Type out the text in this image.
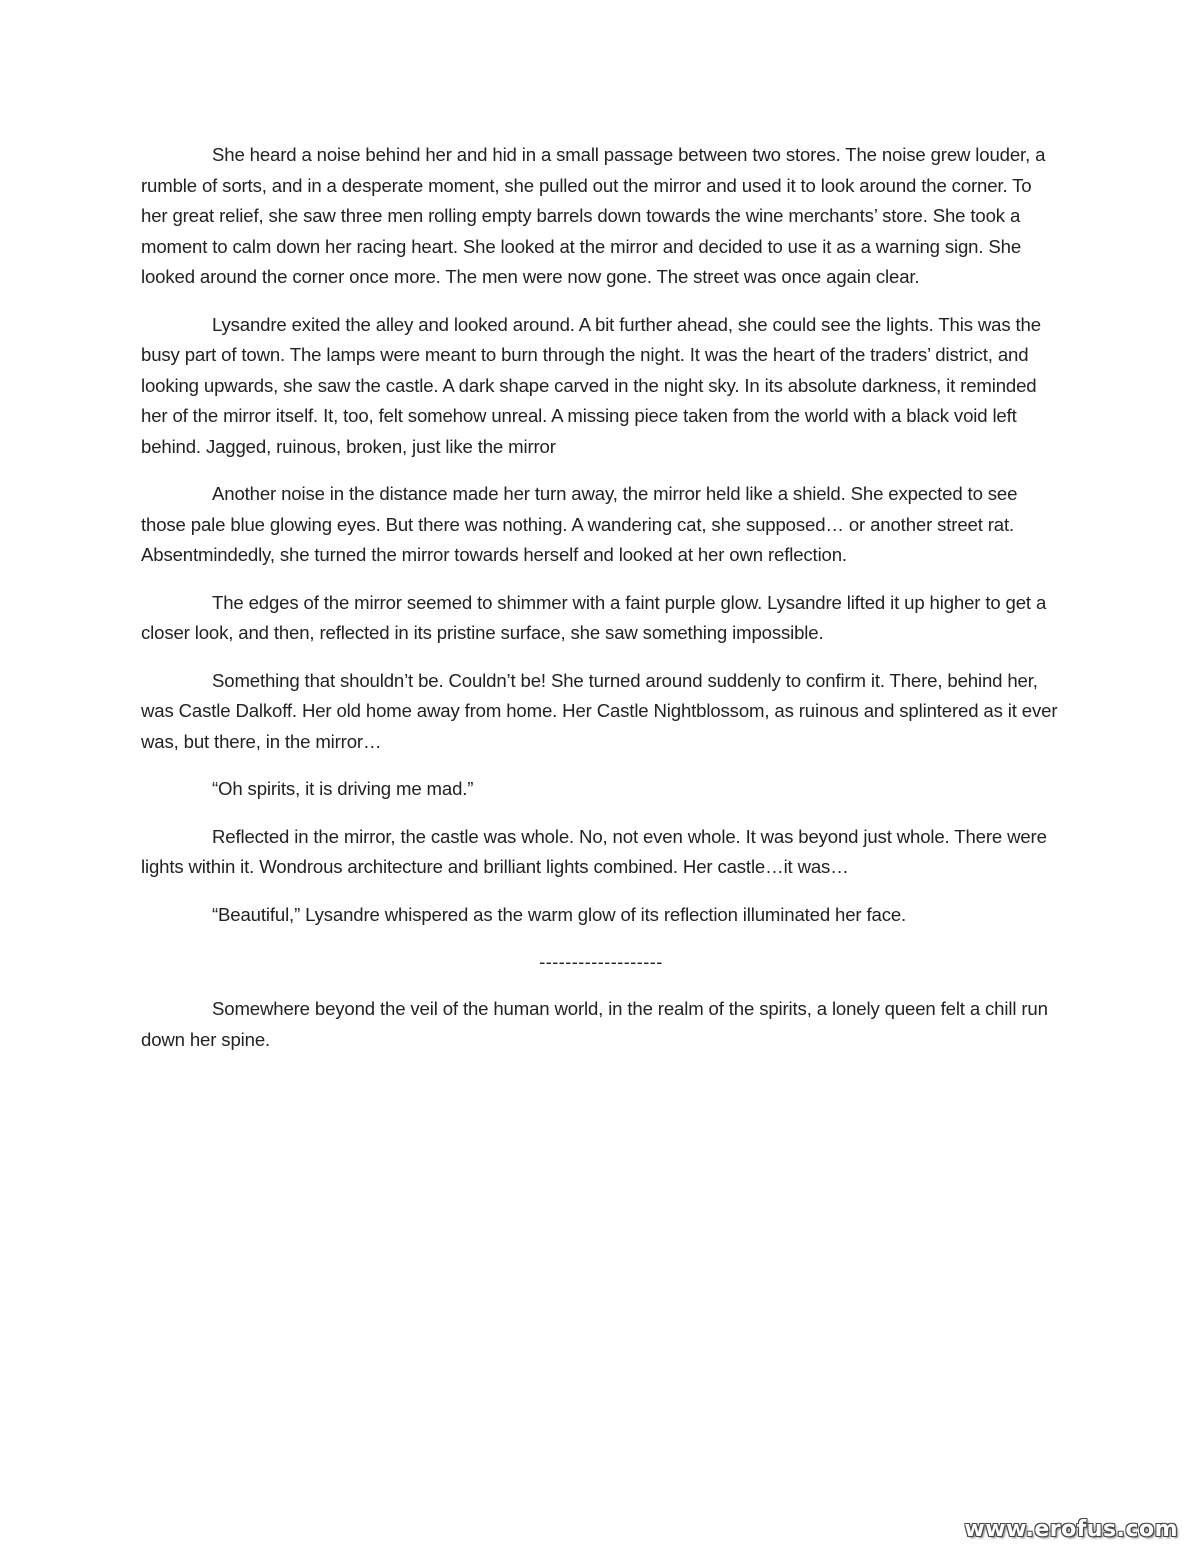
She heard a noise behind her and hid in a small passage between two stores. The noise grew louder, a rumble of sorts, and in a desperate moment, she pulled out the mirror and used it to look around the corner. To her great relief, she saw three men rolling empty barrels down towards the wine merchants’ store. She took a moment to calm down her racing heart. She looked at the mirror and decided to use it as a warning sign. She looked around the corner once more. The men were now gone. The street was once again clear.

Lysandre exited the alley and looked around. A bit further ahead, she could see the lights. This was the busy part of town. The lamps were meant to burn through the night. It was the heart of the traders’ district, and looking upwards, she saw the castle. A dark shape carved in the night sky. In its absolute darkness, it reminded her of the mirror itself. It, too, felt somehow unreal. A missing piece taken from the world with a black void left behind. Jagged, ruinous, broken, just like the mirror

Another noise in the distance made her turn away, the mirror held like a shield. She expected to see those pale blue glowing eyes. But there was nothing. A wandering cat, she supposed… or another street rat. Absentmindedly, she turned the mirror towards herself and looked at her own reflection.

The edges of the mirror seemed to shimmer with a faint purple glow. Lysandre lifted it up higher to get a closer look, and then, reflected in its pristine surface, she saw something impossible.

Something that shouldn’t be. Couldn’t be! She turned around suddenly to confirm it. There, behind her, was Castle Dalkoff. Her old home away from home. Her Castle Nightblossom, as ruinous and splintered as it ever was, but there, in the mirror…

“Oh spirits, it is driving me mad.”

Reflected in the mirror, the castle was whole. No, not even whole. It was beyond just whole. There were lights within it. Wondrous architecture and brilliant lights combined. Her castle…it was…

“Beautiful,” Lysandre whispered as the warm glow of its reflection illuminated her face.

-------------------

Somewhere beyond the veil of the human world, in the realm of the spirits, a lonely queen felt a chill run down her spine.

www.erofus.com
